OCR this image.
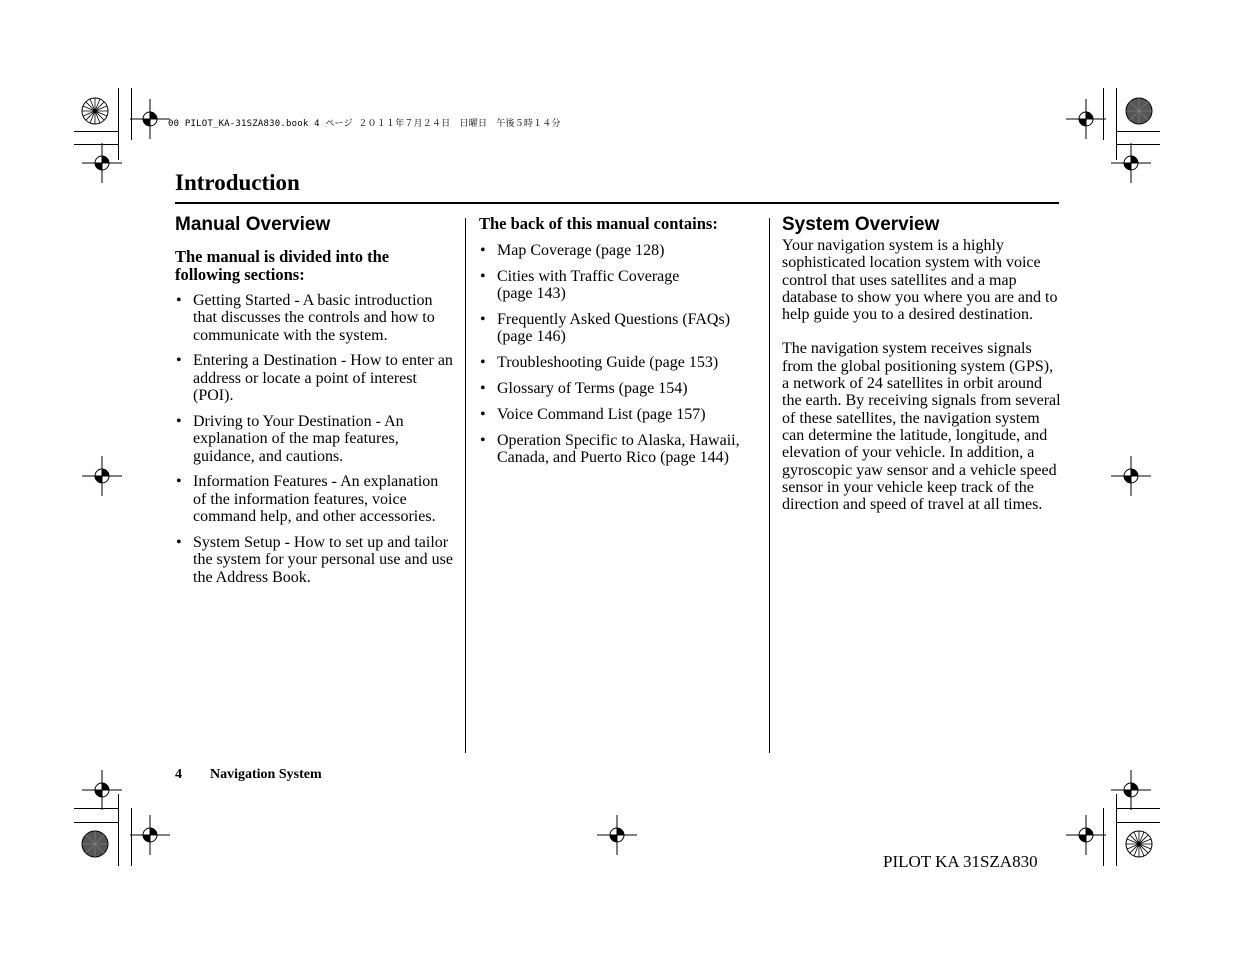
00 PILOT_KA-31SZA830.book 4 ページ ２０１１年７月２４日　日曜日　午後５時１４分
Introduction
Manual Overview

The manual is divided into the following sections:

• Getting Started - A basic introduction that discusses the controls and how to communicate with the system.
• Entering a Destination - How to enter an address or locate a point of interest (POI).
• Driving to Your Destination - An explanation of the map features, guidance, and cautions.
• Information Features - An explanation of the information features, voice command help, and other accessories.
• System Setup - How to set up and tailor the system for your personal use and use the Address Book.

The back of this manual contains:

• Map Coverage (page 128)
• Cities with Traffic Coverage (page 143)
• Frequently Asked Questions (FAQs) (page 146)
• Troubleshooting Guide (page 153)
• Glossary of Terms (page 154)
• Voice Command List (page 157)
• Operation Specific to Alaska, Hawaii, Canada, and Puerto Rico (page 144)
System Overview

Your navigation system is a highly sophisticated location system with voice control that uses satellites and a map database to show you where you are and to help guide you to a desired destination.

The navigation system receives signals from the global positioning system (GPS), a network of 24 satellites in orbit around the earth. By receiving signals from several of these satellites, the navigation system can determine the latitude, longitude, and elevation of your vehicle. In addition, a gyroscopic yaw sensor and a vehicle speed sensor in your vehicle keep track of the direction and speed of travel at all times.

4 Navigation System
PILOT KA 31SZA830
